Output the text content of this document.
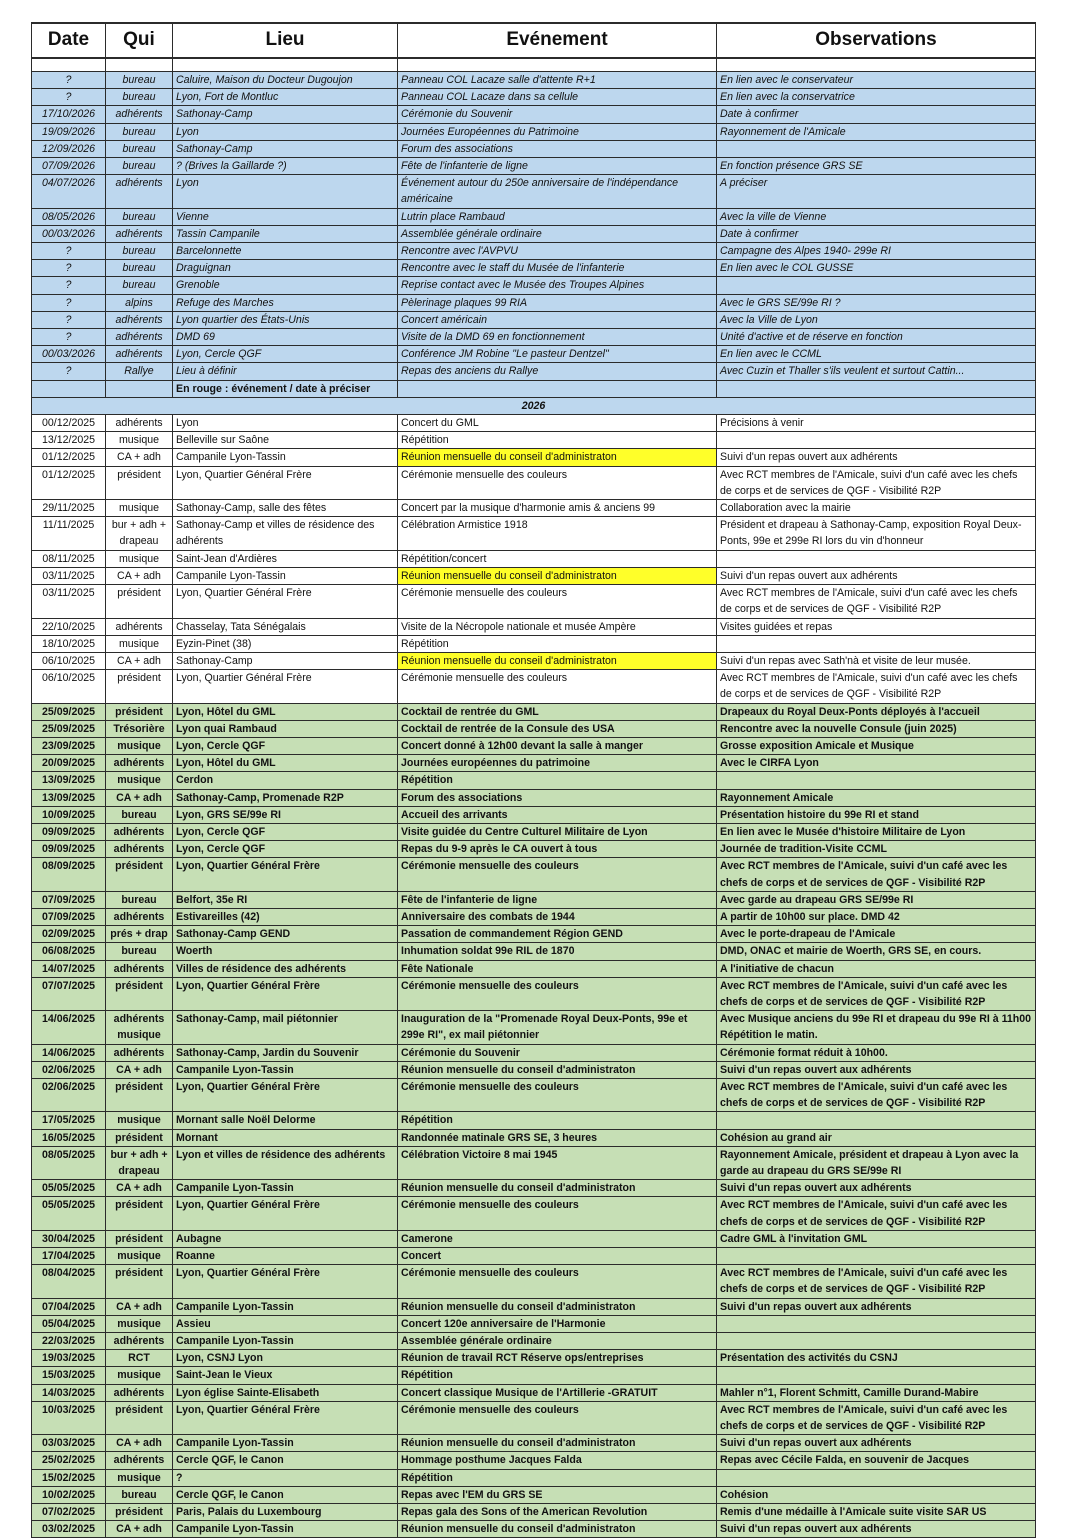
Date	Qui	Lieu	Evénement	Observations

?	bureau	Caluire, Maison du Docteur Dugoujon	Panneau COL Lacaze salle d'attente R+1	En lien avec le conservateur
?	bureau	Lyon, Fort de Montluc	Panneau COL Lacaze dans sa cellule	En lien avec la conservatrice
17/10/2026	adhérents	Sathonay-Camp	Cérémonie du Souvenir	Date à confirmer
19/09/2026	bureau	Lyon	Journées Européennes du Patrimoine	Rayonnement de l'Amicale
12/09/2026	bureau	Sathonay-Camp	Forum des associations	
07/09/2026	bureau	? (Brives la Gaillarde ?)	Fête de l'infanterie de ligne	En fonction présence GRS SE
04/07/2026	adhérents	Lyon	Événement autour du 250e anniversaire de l'indépendance américaine	A préciser
08/05/2026	bureau	Vienne	Lutrin place Rambaud	Avec la ville de Vienne
00/03/2026	adhérents	Tassin Campanile	Assemblée générale ordinaire	Date à confirmer
?	bureau	Barcelonnette	Rencontre avec l'AVPVU	Campagne des Alpes 1940- 299e RI
?	bureau	Draguignan	Rencontre avec le staff du Musée de l'infanterie	En lien avec le COL GUSSE
?	bureau	Grenoble	Reprise contact avec le Musée des Troupes Alpines	
?	alpins	Refuge des Marches	Pèlerinage plaques 99 RIA	Avec le GRS SE/99e RI ?
?	adhérents	Lyon quartier des États-Unis	Concert américain	Avec la Ville de Lyon
?	adhérents	DMD 69	Visite de la DMD 69 en fonctionnement	Unité d'active et de réserve en fonction
00/03/2026	adhérents	Lyon, Cercle QGF	Conférence JM Robine "Le pasteur Dentzel"	En lien avec le CCML
?	Rallye	Lieu à définir	Repas des anciens du Rallye	Avec Cuzin et Thaller s'ils veulent et surtout Cattin...
		En rouge : événement / date à préciser		
2026				
00/12/2025	adhérents	Lyon	Concert du GML	Précisions à venir
13/12/2025	musique	Belleville sur Saône	Répétition	
01/12/2025	CA + adh	Campanile Lyon-Tassin	Réunion mensuelle du conseil d'administraton	Suivi d'un repas ouvert aux adhérents
01/12/2025	président	Lyon, Quartier Général Frère	Cérémonie mensuelle des couleurs	Avec RCT membres de l'Amicale, suivi d'un café avec les chefs de corps et de services de QGF - Visibilité R2P
29/11/2025	musique	Sathonay-Camp, salle des fêtes	Concert par la musique d'harmonie amis & anciens 99	Collaboration avec la mairie
11/11/2025	bur + adh + drapeau	Sathonay-Camp et villes de résidence des adhérents	Célébration Armistice 1918	Président et drapeau à Sathonay-Camp, exposition Royal Deux-Ponts, 99e et 299e RI lors du vin d'honneur
08/11/2025	musique	Saint-Jean d'Ardières	Répétition/concert	
03/11/2025	CA + adh	Campanile Lyon-Tassin	Réunion mensuelle du conseil d'administraton	Suivi d'un repas ouvert aux adhérents
03/11/2025	président	Lyon, Quartier Général Frère	Cérémonie mensuelle des couleurs	Avec RCT membres de l'Amicale, suivi d'un café avec les chefs de corps et de services de QGF - Visibilité R2P
22/10/2025	adhérents	Chasselay, Tata Sénégalais	Visite de la Nécropole nationale et musée Ampère	Visites guidées et repas
18/10/2025	musique	Eyzin-Pinet (38)	Répétition	
06/10/2025	CA + adh	Sathonay-Camp	Réunion mensuelle du conseil d'administraton	Suivi d'un repas avec Sath'nà et visite de leur musée.
06/10/2025	président	Lyon, Quartier Général Frère	Cérémonie mensuelle des couleurs	Avec RCT membres de l'Amicale, suivi d'un café avec les chefs de corps et de services de QGF - Visibilité R2P
25/09/2025	président	Lyon, Hôtel du GML	Cocktail de rentrée du GML	Drapeaux du Royal Deux-Ponts déployés à l'accueil
25/09/2025	Trésorière	Lyon quai Rambaud	Cocktail de rentrée de la Consule des USA	Rencontre avec la nouvelle Consule (juin 2025)
23/09/2025	musique	Lyon, Cercle QGF	Concert donné à 12h00 devant la salle à manger	Grosse exposition Amicale et Musique
20/09/2025	adhérents	Lyon, Hôtel du GML	Journées européennes du patrimoine	Avec le CIRFA Lyon
13/09/2025	musique	Cerdon	Répétition	
13/09/2025	CA + adh	Sathonay-Camp, Promenade R2P	Forum des associations	Rayonnement Amicale
10/09/2025	bureau	Lyon, GRS SE/99e RI	Accueil des arrivants	Présentation histoire du 99e RI et stand
09/09/2025	adhérents	Lyon, Cercle QGF	Visite guidée du Centre Culturel Militaire de Lyon	En lien avec le Musée d'histoire Militaire de Lyon
09/09/2025	adhérents	Lyon, Cercle QGF	Repas du 9-9 après le CA ouvert à tous	Journée de tradition-Visite CCML
08/09/2025	président	Lyon, Quartier Général Frère	Cérémonie mensuelle des couleurs	Avec RCT membres de l'Amicale, suivi d'un café avec les chefs de corps et de services de QGF - Visibilité R2P
07/09/2025	bureau	Belfort, 35e RI	Fête de l'infanterie de ligne	Avec garde au drapeau GRS SE/99e RI
07/09/2025	adhérents	Estivareilles (42)	Anniversaire des combats de 1944	A partir de 10h00 sur place. DMD 42
02/09/2025	prés + drap	Sathonay-Camp GEND	Passation de commandement Région GEND	Avec le porte-drapeau de l'Amicale
06/08/2025	bureau	Woerth	Inhumation soldat 99e RIL de 1870	DMD, ONAC et mairie de Woerth, GRS SE, en cours.
14/07/2025	adhérents	Villes de résidence des adhérents	Fête Nationale	A l'initiative de chacun
07/07/2025	président	Lyon, Quartier Général Frère	Cérémonie mensuelle des couleurs	Avec RCT membres de l'Amicale, suivi d'un café avec les chefs de corps et de services de QGF - Visibilité R2P
14/06/2025	adhérents musique	Sathonay-Camp, mail piétonnier	Inauguration de la "Promenade Royal Deux-Ponts, 99e et 299e RI", ex mail piétonnier	Avec Musique anciens du 99e RI et drapeau du 99e RI à 11h00 Répétition le matin.
14/06/2025	adhérents	Sathonay-Camp, Jardin du Souvenir	Cérémonie du Souvenir	Cérémonie format réduit à 10h00.
02/06/2025	CA + adh	Campanile Lyon-Tassin	Réunion mensuelle du conseil d'administraton	Suivi d'un repas ouvert aux adhérents
02/06/2025	président	Lyon, Quartier Général Frère	Cérémonie mensuelle des couleurs	Avec RCT membres de l'Amicale, suivi d'un café avec les chefs de corps et de services de QGF - Visibilité R2P
17/05/2025	musique	Mornant salle Noël Delorme	Répétition	
16/05/2025	président	Mornant	Randonnée matinale GRS SE, 3 heures	Cohésion au grand air
08/05/2025	bur + adh + drapeau	Lyon et villes de résidence des adhérents	Célébration Victoire 8 mai 1945	Rayonnement Amicale, président et drapeau à Lyon avec la garde au drapeau du GRS SE/99e RI
05/05/2025	CA + adh	Campanile Lyon-Tassin	Réunion mensuelle du conseil d'administraton	Suivi d'un repas ouvert aux adhérents
05/05/2025	président	Lyon, Quartier Général Frère	Cérémonie mensuelle des couleurs	Avec RCT membres de l'Amicale, suivi d'un café avec les chefs de corps et de services de QGF - Visibilité R2P
30/04/2025	président	Aubagne	Camerone	Cadre GML à l'invitation GML
17/04/2025	musique	Roanne	Concert	
08/04/2025	président	Lyon, Quartier Général Frère	Cérémonie mensuelle des couleurs	Avec RCT membres de l'Amicale, suivi d'un café avec les chefs de corps et de services de QGF - Visibilité R2P
07/04/2025	CA + adh	Campanile Lyon-Tassin	Réunion mensuelle du conseil d'administraton	Suivi d'un repas ouvert aux adhérents
05/04/2025	musique	Assieu	Concert 120e anniversaire de l'Harmonie	
22/03/2025	adhérents	Campanile Lyon-Tassin	Assemblée générale ordinaire	
19/03/2025	RCT	Lyon, CSNJ Lyon	Réunion de travail RCT Réserve ops/entreprises	Présentation des activités du CSNJ
15/03/2025	musique	Saint-Jean le Vieux	Répétition	
14/03/2025	adhérents	Lyon église Sainte-Elisabeth	Concert classique Musique de l'Artillerie -GRATUIT	Mahler n°1, Florent Schmitt, Camille Durand-Mabire
10/03/2025	président	Lyon, Quartier Général Frère	Cérémonie mensuelle des couleurs	Avec RCT membres de l'Amicale, suivi d'un café avec les chefs de corps et de services de QGF - Visibilité R2P
03/03/2025	CA + adh	Campanile Lyon-Tassin	Réunion mensuelle du conseil d'administraton	Suivi d'un repas ouvert aux adhérents
25/02/2025	adhérents	Cercle QGF, le Canon	Hommage posthume Jacques Falda	Repas avec Cécile Falda, en souvenir de Jacques
15/02/2025	musique	?	Répétition	
10/02/2025	bureau	Cercle QGF, le Canon	Repas avec l'EM du GRS SE	Cohésion
07/02/2025	président	Paris, Palais du Luxembourg	Repas gala des Sons of the American Revolution	Remis d'une médaille à l'Amicale suite visite SAR US
03/02/2025	CA + adh	Campanile Lyon-Tassin	Réunion mensuelle du conseil d'administraton	Suivi d'un repas ouvert aux adhérents
